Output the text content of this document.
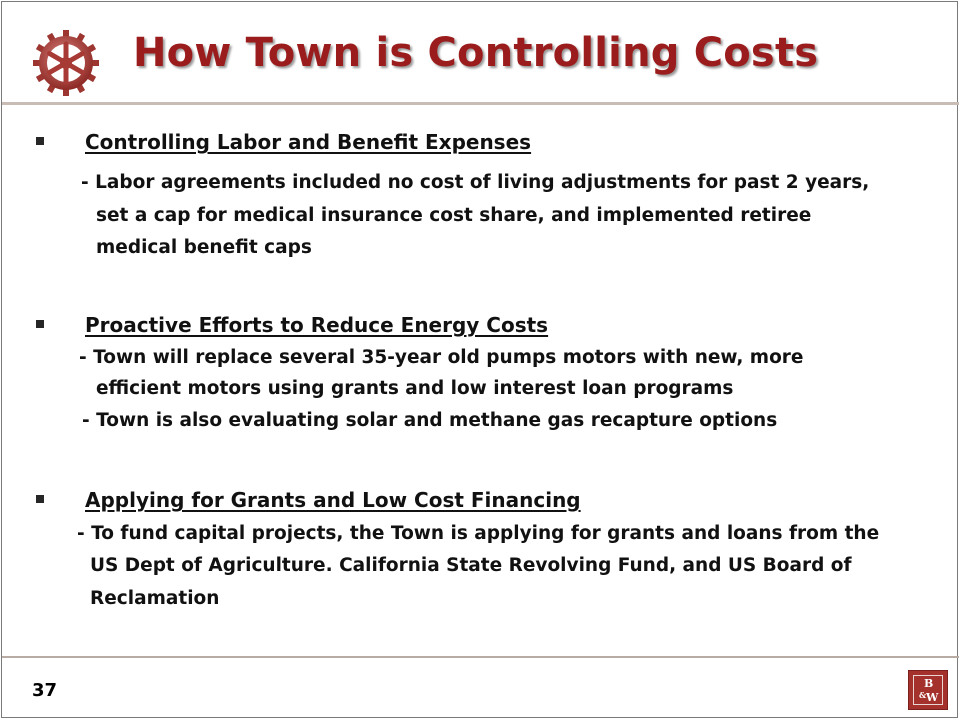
How Town is Controlling Costs
Controlling Labor and Benefit Expenses
- Labor agreements included no cost of living adjustments for past 2 years,
set a cap for medical insurance cost share, and implemented retiree
medical benefit caps
Proactive Efforts to Reduce Energy Costs
- Town will replace several 35-year old pumps motors with new, more
efficient motors using grants and low interest loan programs
- Town is also evaluating solar and methane gas recapture options
Applying for Grants and Low Cost Financing
- To fund capital projects, the Town is applying for grants and loans from the
US Dept of Agriculture. California State Revolving Fund, and US Board of
Reclamation
37	B
& W
